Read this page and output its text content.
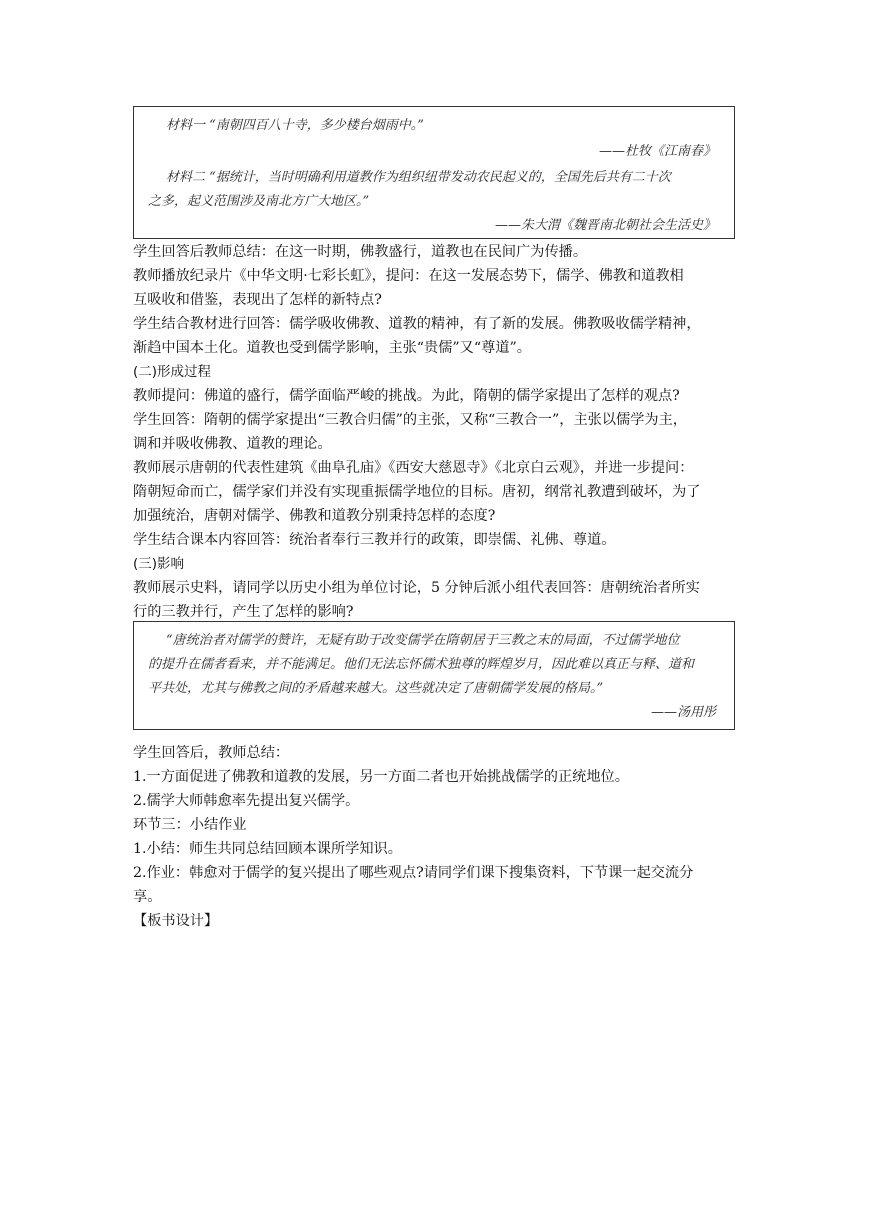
材料一 “南朝四百八十寺，多少楼台烟雨中。”
——杜牧《江南春》
材料二 “据统计，当时明确利用道教作为组织纽带发动农民起义的，全国先后共有二十次
之多，起义范围涉及南北方广大地区。”
——朱大渭《魏晋南北朝社会生活史》
学生回答后教师总结：在这一时期，佛教盛行，道教也在民间广为传播。
教师播放纪录片《中华文明·七彩长虹》，提问：在这一发展态势下，儒学、佛教和道教相
互吸收和借鉴，表现出了怎样的新特点?
学生结合教材进行回答：儒学吸收佛教、道教的精神，有了新的发展。佛教吸收儒学精神，
渐趋中国本土化。道教也受到儒学影响，主张“贵儒”又“尊道”。
(二)形成过程
教师提问：佛道的盛行，儒学面临严峻的挑战。为此，隋朝的儒学家提出了怎样的观点?
学生回答：隋朝的儒学家提出“三教合归儒”的主张，又称“三教合一”，主张以儒学为主，
调和并吸收佛教、道教的理论。
教师展示唐朝的代表性建筑《曲阜孔庙》《西安大慈恩寺》《北京白云观》，并进一步提问：
隋朝短命而亡，儒学家们并没有实现重振儒学地位的目标。唐初，纲常礼教遭到破坏，为了
加强统治，唐朝对儒学、佛教和道教分别秉持怎样的态度?
学生结合课本内容回答：统治者奉行三教并行的政策，即崇儒、礼佛、尊道。
(三)影响
教师展示史料，请同学以历史小组为单位讨论，5 分钟后派小组代表回答：唐朝统治者所实
行的三教并行，产生了怎样的影响?
“唐统治者对儒学的赞许，无疑有助于改变儒学在隋朝居于三教之末的局面，不过儒学地位
的提升在儒者看来，并不能满足。他们无法忘怀儒术独尊的辉煌岁月，因此难以真正与释、道和
平共处，尤其与佛教之间的矛盾越来越大。这些就决定了唐朝儒学发展的格局。”
——汤用彤
学生回答后，教师总结：
1.一方面促进了佛教和道教的发展，另一方面二者也开始挑战儒学的正统地位。
2.儒学大师韩愈率先提出复兴儒学。
环节三：小结作业
1.小结：师生共同总结回顾本课所学知识。
2.作业：韩愈对于儒学的复兴提出了哪些观点?请同学们课下搜集资料，下节课一起交流分
享。
【板书设计】
